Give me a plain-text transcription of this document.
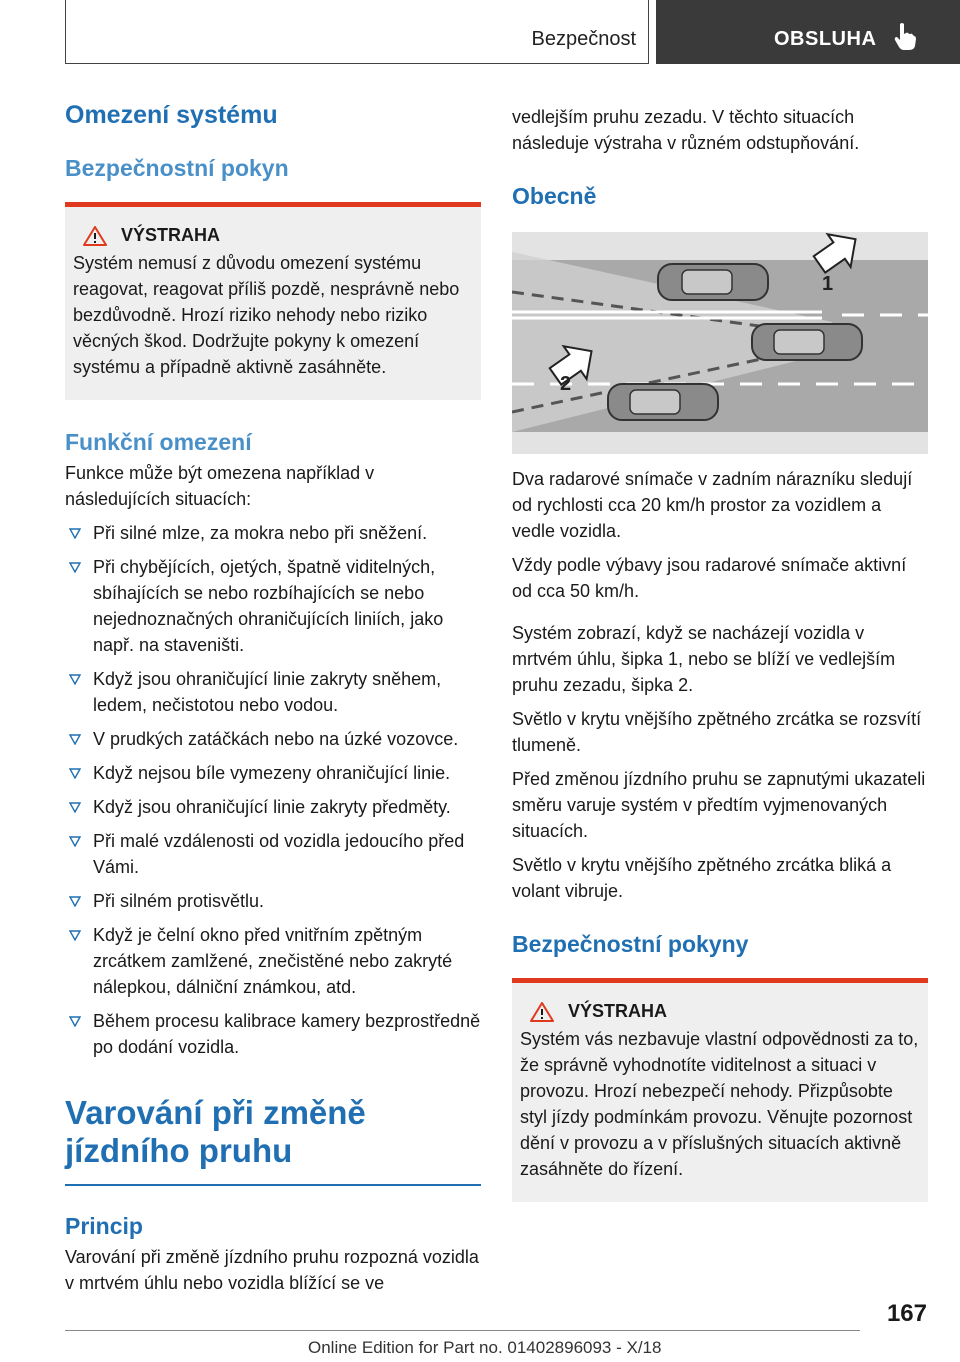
Bezpečnost	OBSLUHA
Omezení systému
Bezpečnostní pokyn
VÝSTRAHA

Systém nemusí z důvodu omezení systému reagovat, reagovat příliš pozdě, nesprávně nebo bezdůvodně. Hrozí riziko nehody nebo riziko věcných škod. Dodržujte pokyny k omezení systému a případně aktivně zasáhněte.

Funkční omezení

Funkce může být omezena například v následujících situacích:

Při silné mlze, za mokra nebo při sněžení.
Při chybějících, ojetých, špatně viditelných, sbíhajících se nebo rozbíhajících se nebo nejednoznačných ohraničujících liniích, jako např. na staveništi.
Když jsou ohraničující linie zakryty sněhem, ledem, nečistotou nebo vodou.
V prudkých zatáčkách nebo na úzké vozovce.
Když nejsou bíle vymezeny ohraničující linie.
Když jsou ohraničující linie zakryty předměty.
Při malé vzdálenosti od vozidla jedoucího před Vámi.
Při silném protisvětlu.
Když je čelní okno před vnitřním zpětným zrcátkem zamlžené, znečistěné nebo zakryté nálepkou, dálniční známkou, atd.
Během procesu kalibrace kamery bezprostředně po dodání vozidla.
Varování při změně jízdního pruhu
Princip

Varování při změně jízdního pruhu rozpozná vozidla v mrtvém úhlu nebo vozidla blížící se ve

vedlejším pruhu zezadu. V těchto situacích následuje výstraha v různém odstupňování.

Obecně
1
2

Dva radarové snímače v zadním nárazníku sledují od rychlosti cca 20 km/h prostor za vozidlem a vedle vozidla.

Vždy podle výbavy jsou radarové snímače aktivní od cca 50 km/h.

Systém zobrazí, když se nacházejí vozidla v mrtvém úhlu, šipka 1, nebo se blíží ve vedlejším pruhu zezadu, šipka 2.

Světlo v krytu vnějšího zpětného zrcátka se rozsvítí tlumeně.

Před změnou jízdního pruhu se zapnutými ukazateli směru varuje systém v předtím vyjmenovaných situacích.

Světlo v krytu vnějšího zpětného zrcátka bliká a volant vibruje.

Bezpečnostní pokyny
VÝSTRAHA

Systém vás nezbavuje vlastní odpovědnosti za to, že správně vyhodnotíte viditelnost a situaci v provozu. Hrozí nebezpečí nehody. Přizpůsobte styl jízdy podmínkám provozu. Věnujte pozornost dění v provozu a v příslušných situacích aktivně zasáhněte do řízení.

167
Online Edition for Part no. 01402896093 - X/18
